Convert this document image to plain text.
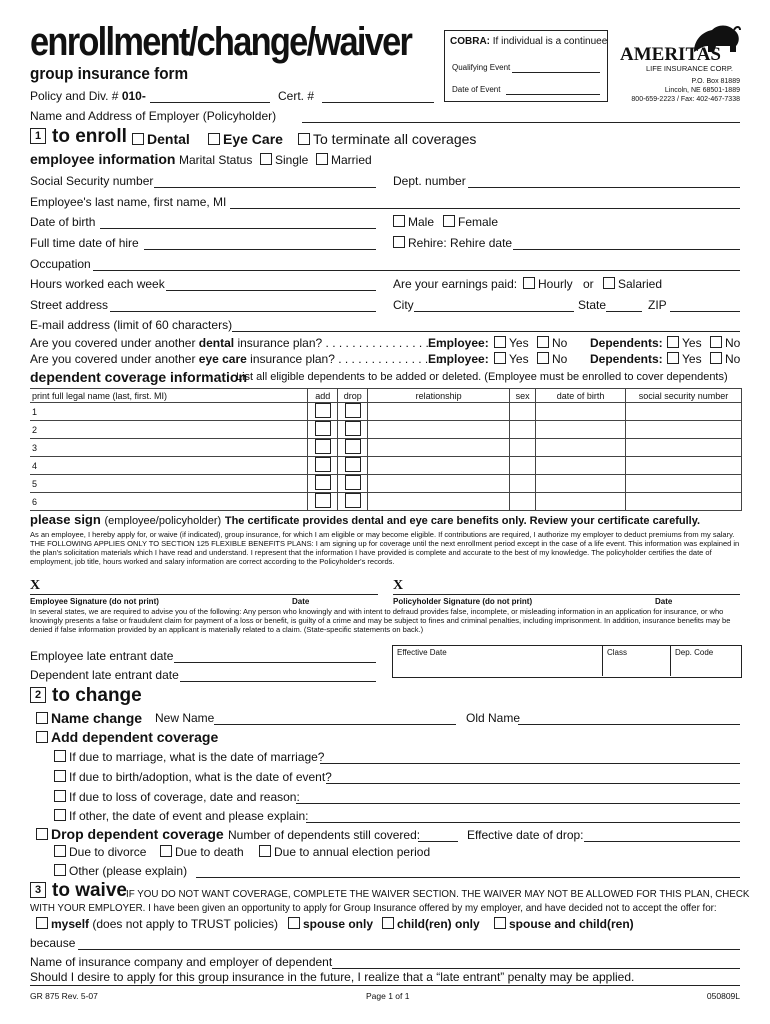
enrollment/change/waiver
group insurance form
Policy and Div. # 010-	Cert. #
Name and Address of Employer (Policyholder)
COBRA: If individual is a continuee
Qualifying Event
Date of Event
AMERITAS
LIFE INSURANCE CORP.
P.O. Box 81889
Lincoln, NE 68501-1889
800-659-2223 / Fax: 402-467-7338
1 to enroll	Dental	Eye Care	To terminate all coverages
employee information Marital Status	Single	Married
Social Security number	Dept. number
Employee's last name, first name, MI
Date of birth	Male	Female
Full time date of hire	Rehire: Rehire date
Occupation
Hours worked each week	Are your earnings paid:	Hourly or	Salaried
Street address	City	State	ZIP
E-mail address (limit of 60 characters)
Are you covered under another dental insurance plan? . . . . . . . . . . . . . . . . .
Employee:	Yes	No Dependents:	Yes	No
Are you covered under another eye care insurance plan? . . . . . . . . . . . . . . . .
Employee:	Yes	No Dependents:	Yes	No
dependent coverage information
List all eligible dependents to be added or deleted. (Employee must be enrolled to cover dependents)
print full legal name (last, first. MI)	add	drop	relationship	sex	date of birth	social security number
1						
2						
3						
4						
5						
6						
please sign (employee/policyholder) The certificate provides dental and eye care benefits only. Review your certificate carefully.
As an employee, I hereby apply for, or waive (if indicated), group insurance, for which I am eligible or may become eligible. If contributions are required, I authorize my employer to deduct premiums from my salary. THE FOLLOWING APPLIES ONLY TO SECTION 125 FLEXIBLE BENEFITS PLANS: I am signing up for coverage until the next enrollment period except in the case of a life event. This information was explained in the plan's solicitation materials which I have read and understand. I represent that the information I have provided is complete and accurate to the best of my knowledge. The policyholder certifies the date of employment, job title, hours worked and salary information are correct according to the Policyholder's records.
X
Employee Signature (do not print)	Date
X
Policyholder Signature (do not print)	Date
In several states, we are required to advise you of the following: Any person who knowingly and with intent to defraud provides false, incomplete, or misleading information in an application for insurance, or who knowingly presents a false or fraudulent claim for payment of a loss or benefit, is guilty of a crime and may be subject to fines and criminal penalties, including imprisonment. In addition, insurance benefits may be denied if false information provided by an applicant is materially related to a claim. (State-specific statements on back.)
Employee late entrant date
Dependent late entrant date
Effective Date	Class	Dep. Code
2 to change
Name change New Name	Old Name
Add dependent coverage
If due to marriage, what is the date of marriage?
If due to birth/adoption, what is the date of event?
If due to loss of coverage, date and reason:
If other, the date of event and please explain:
Drop dependent coverage Number of dependents still covered:	Effective date of drop:
Due to divorce	Due to death	Due to annual election period
Other (please explain)
3 to waive IF YOU DO NOT WANT COVERAGE, COMPLETE THE WAIVER SECTION. THE WAIVER MAY NOT BE ALLOWED FOR THIS PLAN, CHECK
WITH YOUR EMPLOYER. I have been given an opportunity to apply for Group Insurance offered by my employer, and have decided not to accept the offer for:
myself (does not apply to TRUST policies)	spouse only	child(ren) only	spouse and child(ren)
because
Name of insurance company and employer of dependent
Should I desire to apply for this group insurance in the future, I realize that a “late entrant” penalty may be applied.
GR 875 Rev. 5-07	Page 1 of 1	050809L
